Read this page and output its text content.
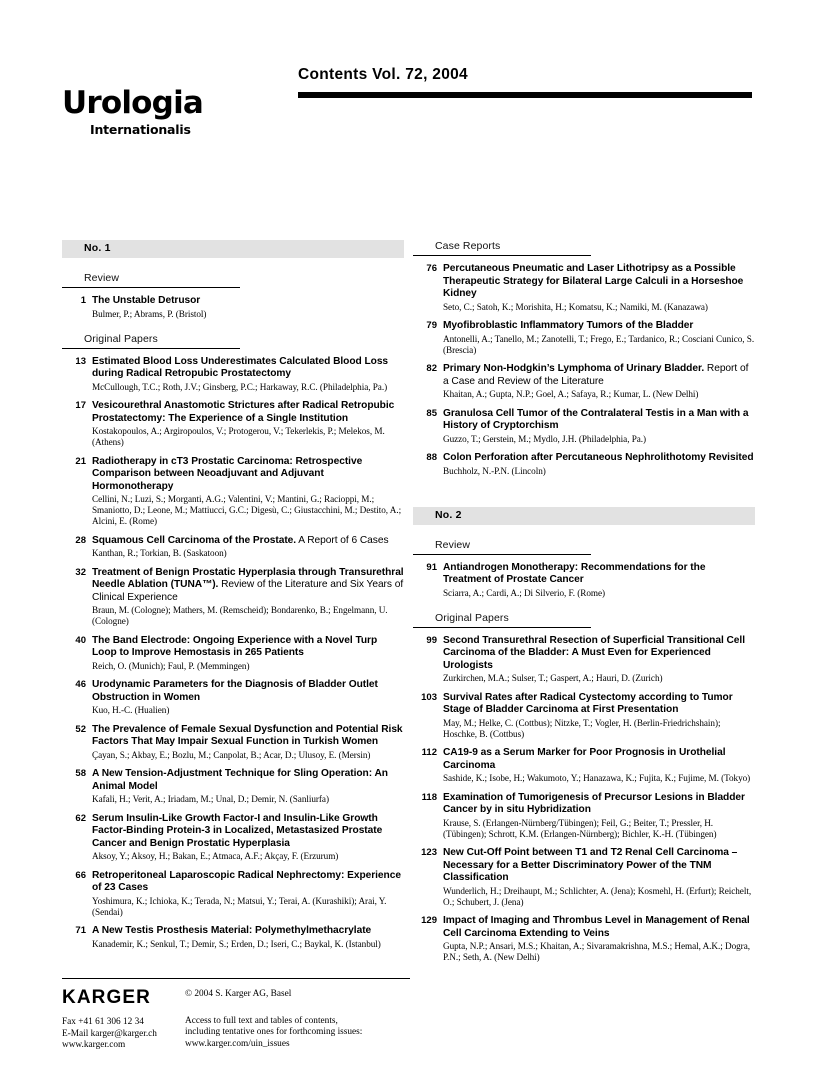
Contents Vol. 72, 2004
Urologia
Internationalis
No. 1
Review
1 The Unstable Detrusor
Bulmer, P.; Abrams, P. (Bristol)
Original Papers
13 Estimated Blood Loss Underestimates Calculated Blood Loss during Radical Retropubic Prostatectomy
McCullough, T.C.; Roth, J.V.; Ginsberg, P.C.; Harkaway, R.C. (Philadelphia, Pa.)
17 Vesicourethral Anastomotic Strictures after Radical Retropubic Prostatectomy: The Experience of a Single Institution
Kostakopoulos, A.; Argiropoulos, V.; Protogerou, V.; Tekerlekis, P.; Melekos, M. (Athens)
21 Radiotherapy in cT3 Prostatic Carcinoma: Retrospective Comparison between Neoadjuvant and Adjuvant Hormonotherapy
Cellini, N.; Luzi, S.; Morganti, A.G.; Valentini, V.; Mantini, G.; Racioppi, M.; Smaniotto, D.; Leone, M.; Mattiucci, G.C.; Digesù, C.; Giustacchini, M.; Destito, A.; Alcini, E. (Rome)
28 Squamous Cell Carcinoma of the Prostate. A Report of 6 Cases
Kanthan, R.; Torkian, B. (Saskatoon)
32 Treatment of Benign Prostatic Hyperplasia through Transurethral Needle Ablation (TUNA™). Review of the Literature and Six Years of Clinical Experience
Braun, M. (Cologne); Mathers, M. (Remscheid); Bondarenko, B.; Engelmann, U. (Cologne)
40 The Band Electrode: Ongoing Experience with a Novel Turp Loop to Improve Hemostasis in 265 Patients
Reich, O. (Munich); Faul, P. (Memmingen)
46 Urodynamic Parameters for the Diagnosis of Bladder Outlet Obstruction in Women
Kuo, H.-C. (Hualien)
52 The Prevalence of Female Sexual Dysfunction and Potential Risk Factors That May Impair Sexual Function in Turkish Women
Çayan, S.; Akbay, E.; Bozlu, M.; Canpolat, B.; Acar, D.; Ulusoy, E. (Mersin)
58 A New Tension-Adjustment Technique for Sling Operation: An Animal Model
Kafali, H.; Verit, A.; Iriadam, M.; Unal, D.; Demir, N. (Sanliurfa)
62 Serum Insulin-Like Growth Factor-I and Insulin-Like Growth Factor-Binding Protein-3 in Localized, Metastasized Prostate Cancer and Benign Prostatic Hyperplasia
Aksoy, Y.; Aksoy, H.; Bakan, E.; Atmaca, A.F.; Akçay, F. (Erzurum)
66 Retroperitoneal Laparoscopic Radical Nephrectomy: Experience of 23 Cases
Yoshimura, K.; Ichioka, K.; Terada, N.; Matsui, Y.; Terai, A. (Kurashiki); Arai, Y. (Sendai)
71 A New Testis Prosthesis Material: Polymethylmethacrylate
Kanademir, K.; Senkul, T.; Demir, S.; Erden, D.; Iseri, C.; Baykal, K. (Istanbul)
Case Reports
76 Percutaneous Pneumatic and Laser Lithotripsy as a Possible Therapeutic Strategy for Bilateral Large Calculi in a Horseshoe Kidney
Seto, C.; Satoh, K.; Morishita, H.; Komatsu, K.; Namiki, M. (Kanazawa)
79 Myofibroblastic Inflammatory Tumors of the Bladder
Antonelli, A.; Tanello, M.; Zanotelli, T.; Frego, E.; Tardanico, R.; Cosciani Cunico, S. (Brescia)
82 Primary Non-Hodgkin’s Lymphoma of Urinary Bladder. Report of a Case and Review of the Literature
Khaitan, A.; Gupta, N.P.; Goel, A.; Safaya, R.; Kumar, L. (New Delhi)
85 Granulosa Cell Tumor of the Contralateral Testis in a Man with a History of Cryptorchism
Guzzo, T.; Gerstein, M.; Mydlo, J.H. (Philadelphia, Pa.)
88 Colon Perforation after Percutaneous Nephrolithotomy Revisited
Buchholz, N.-P.N. (Lincoln)
No. 2
Review
91 Antiandrogen Monotherapy: Recommendations for the Treatment of Prostate Cancer
Sciarra, A.; Cardi, A.; Di Silverio, F. (Rome)
Original Papers
99 Second Transurethral Resection of Superficial Transitional Cell Carcinoma of the Bladder: A Must Even for Experienced Urologists
Zurkirchen, M.A.; Sulser, T.; Gaspert, A.; Hauri, D. (Zurich)
103 Survival Rates after Radical Cystectomy according to Tumor Stage of Bladder Carcinoma at First Presentation
May, M.; Helke, C. (Cottbus); Nitzke, T.; Vogler, H. (Berlin-Friedrichshain); Hoschke, B. (Cottbus)
112 CA19-9 as a Serum Marker for Poor Prognosis in Urothelial Carcinoma
Sashide, K.; Isobe, H.; Wakumoto, Y.; Hanazawa, K.; Fujita, K.; Fujime, M. (Tokyo)
118 Examination of Tumorigenesis of Precursor Lesions in Bladder Cancer by in situ Hybridization
Krause, S. (Erlangen-Nürnberg/Tübingen); Feil, G.; Beiter, T.; Pressler, H. (Tübingen); Schrott, K.M. (Erlangen-Nürnberg); Bichler, K.-H. (Tübingen)
123 New Cut-Off Point between T1 and T2 Renal Cell Carcinoma – Necessary for a Better Discriminatory Power of the TNM Classification
Wunderlich, H.; Dreihaupt, M.; Schlichter, A. (Jena); Kosmehl, H. (Erfurt); Reichelt, O.; Schubert, J. (Jena)
129 Impact of Imaging and Thrombus Level in Management of Renal Cell Carcinoma Extending to Veins
Gupta, N.P.; Ansari, M.S.; Khaitan, A.; Sivaramakrishna, M.S.; Hemal, A.K.; Dogra, P.N.; Seth, A. (New Delhi)
KARGER
Fax +41 61 306 12 34
E-Mail karger@karger.ch
www.karger.com
© 2004 S. Karger AG, Basel
Access to full text and tables of contents,
including tentative ones for forthcoming issues:
www.karger.com/uin_issues
